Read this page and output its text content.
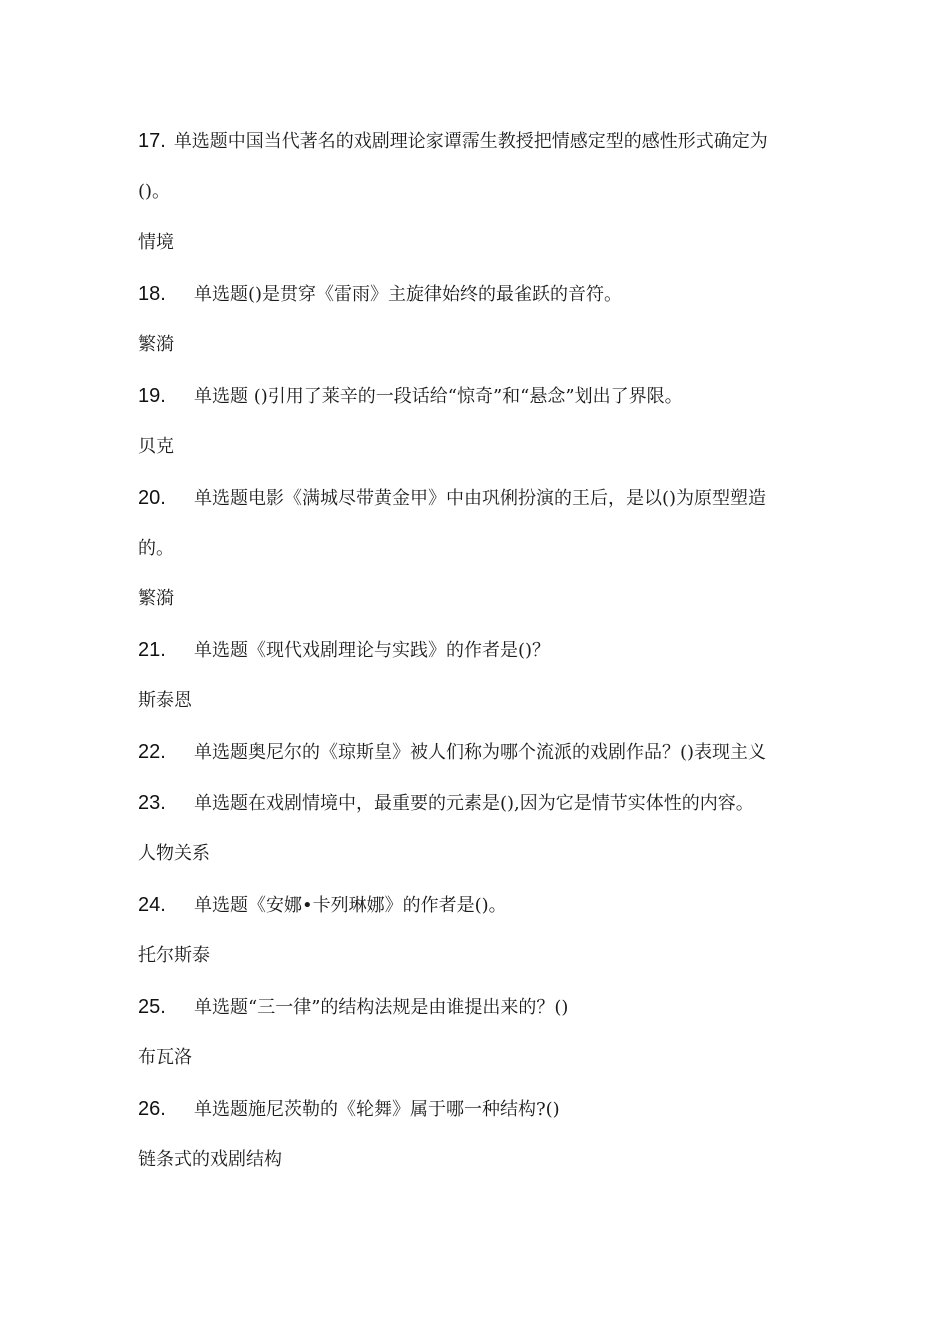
17. 单选题中国当代著名的戏剧理论家谭霈生教授把情感定型的感性形式确定为
()。
情境
18. 单选题()是贯穿《雷雨》主旋律始终的最雀跃的音符。
繁漪
19. 单选题 ()引用了莱辛的一段话给“惊奇”和“悬念”划出了界限。
贝克
20. 单选题电影《满城尽带黄金甲》中由巩俐扮演的王后，是以()为原型塑造
的。
繁漪
21. 单选题《现代戏剧理论与实践》的作者是()？
斯泰恩
22. 单选题奥尼尔的《琼斯皇》被人们称为哪个流派的戏剧作品？()表现主义
23. 单选题在戏剧情境中，最重要的元素是(),因为它是情节实体性的内容。
人物关系
24. 单选题《安娜•卡列琳娜》的作者是()。
托尔斯泰
25. 单选题“三一律”的结构法规是由谁提出来的？()
布瓦洛
26. 单选题施尼茨勒的《轮舞》属于哪一种结构?()
链条式的戏剧结构
